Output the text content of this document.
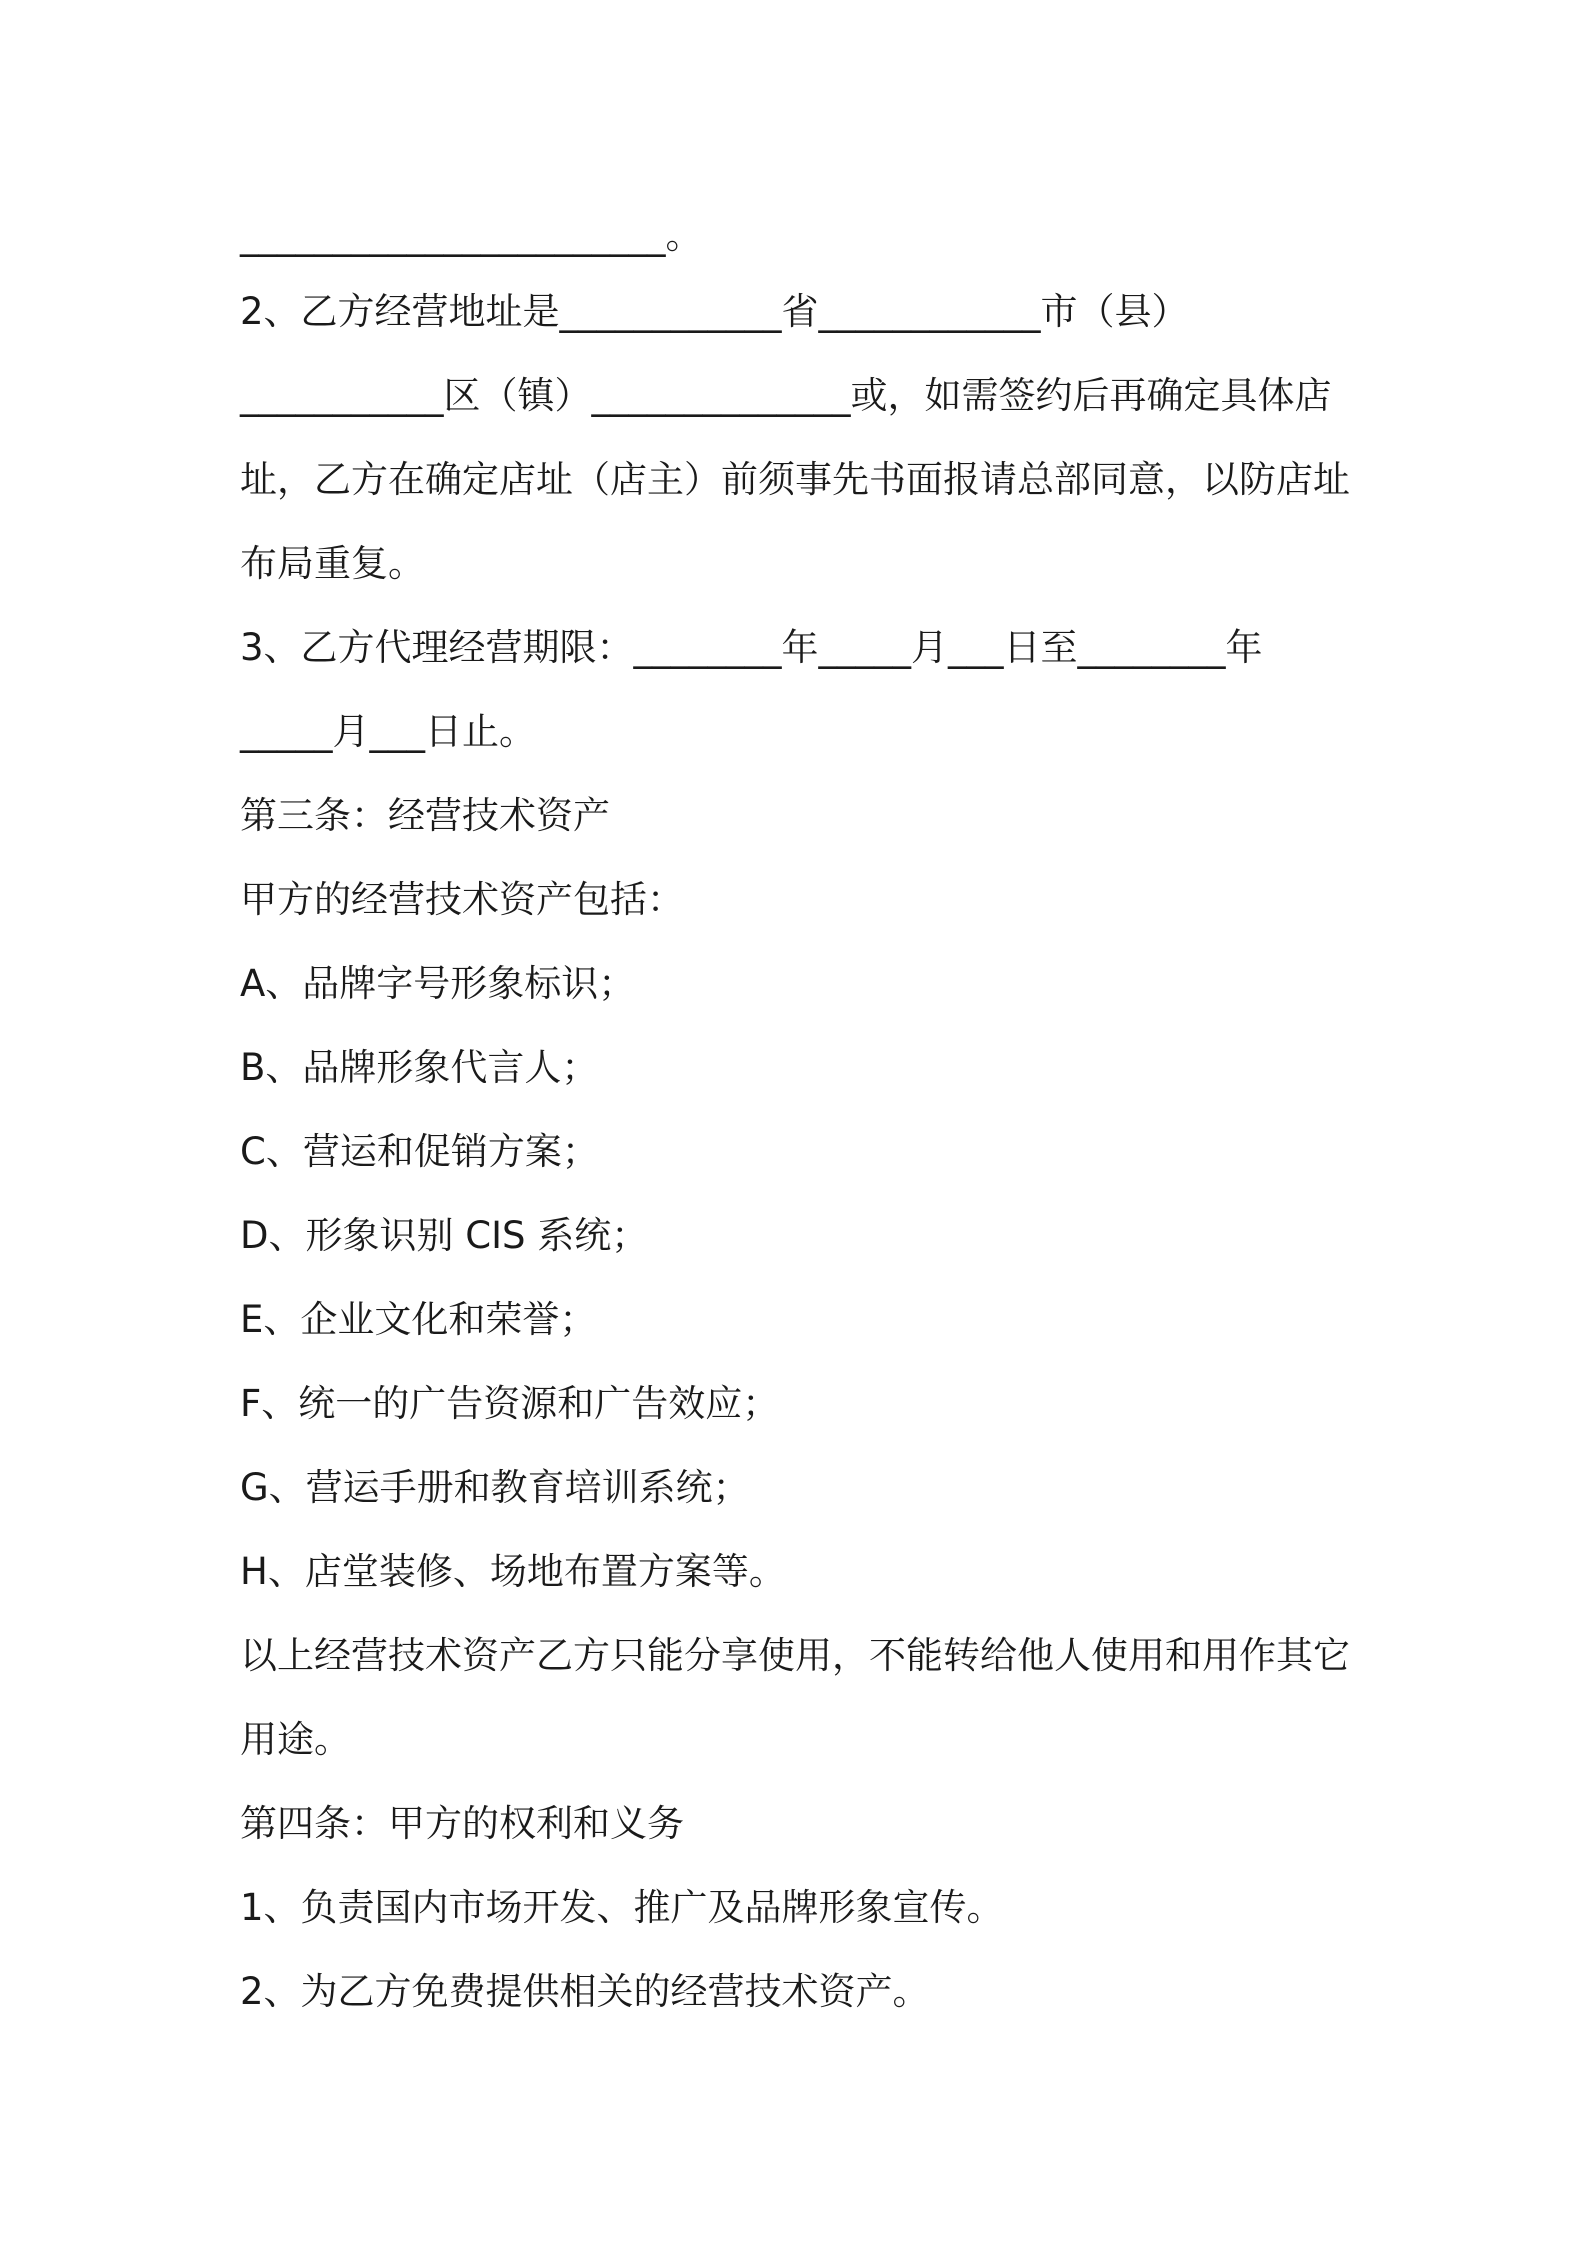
_______________________。
2、乙方经营地址是____________省____________市（县）
___________区（镇）______________或，如需签约后再确定具体店
址，乙方在确定店址（店主）前须事先书面报请总部同意，以防店址
布局重复。
3、乙方代理经营期限：________年_____月___日至________年
_____月___日止。
第三条：经营技术资产
甲方的经营技术资产包括：
A、品牌字号形象标识；
B、品牌形象代言人；
C、营运和促销方案；
D、形象识别 CIS 系统；
E、企业文化和荣誉；
F、统一的广告资源和广告效应；
G、营运手册和教育培训系统；
H、店堂装修、场地布置方案等。
以上经营技术资产乙方只能分享使用，不能转给他人使用和用作其它
用途。
第四条：甲方的权利和义务
1、负责国内市场开发、推广及品牌形象宣传。
2、为乙方免费提供相关的经营技术资产。
